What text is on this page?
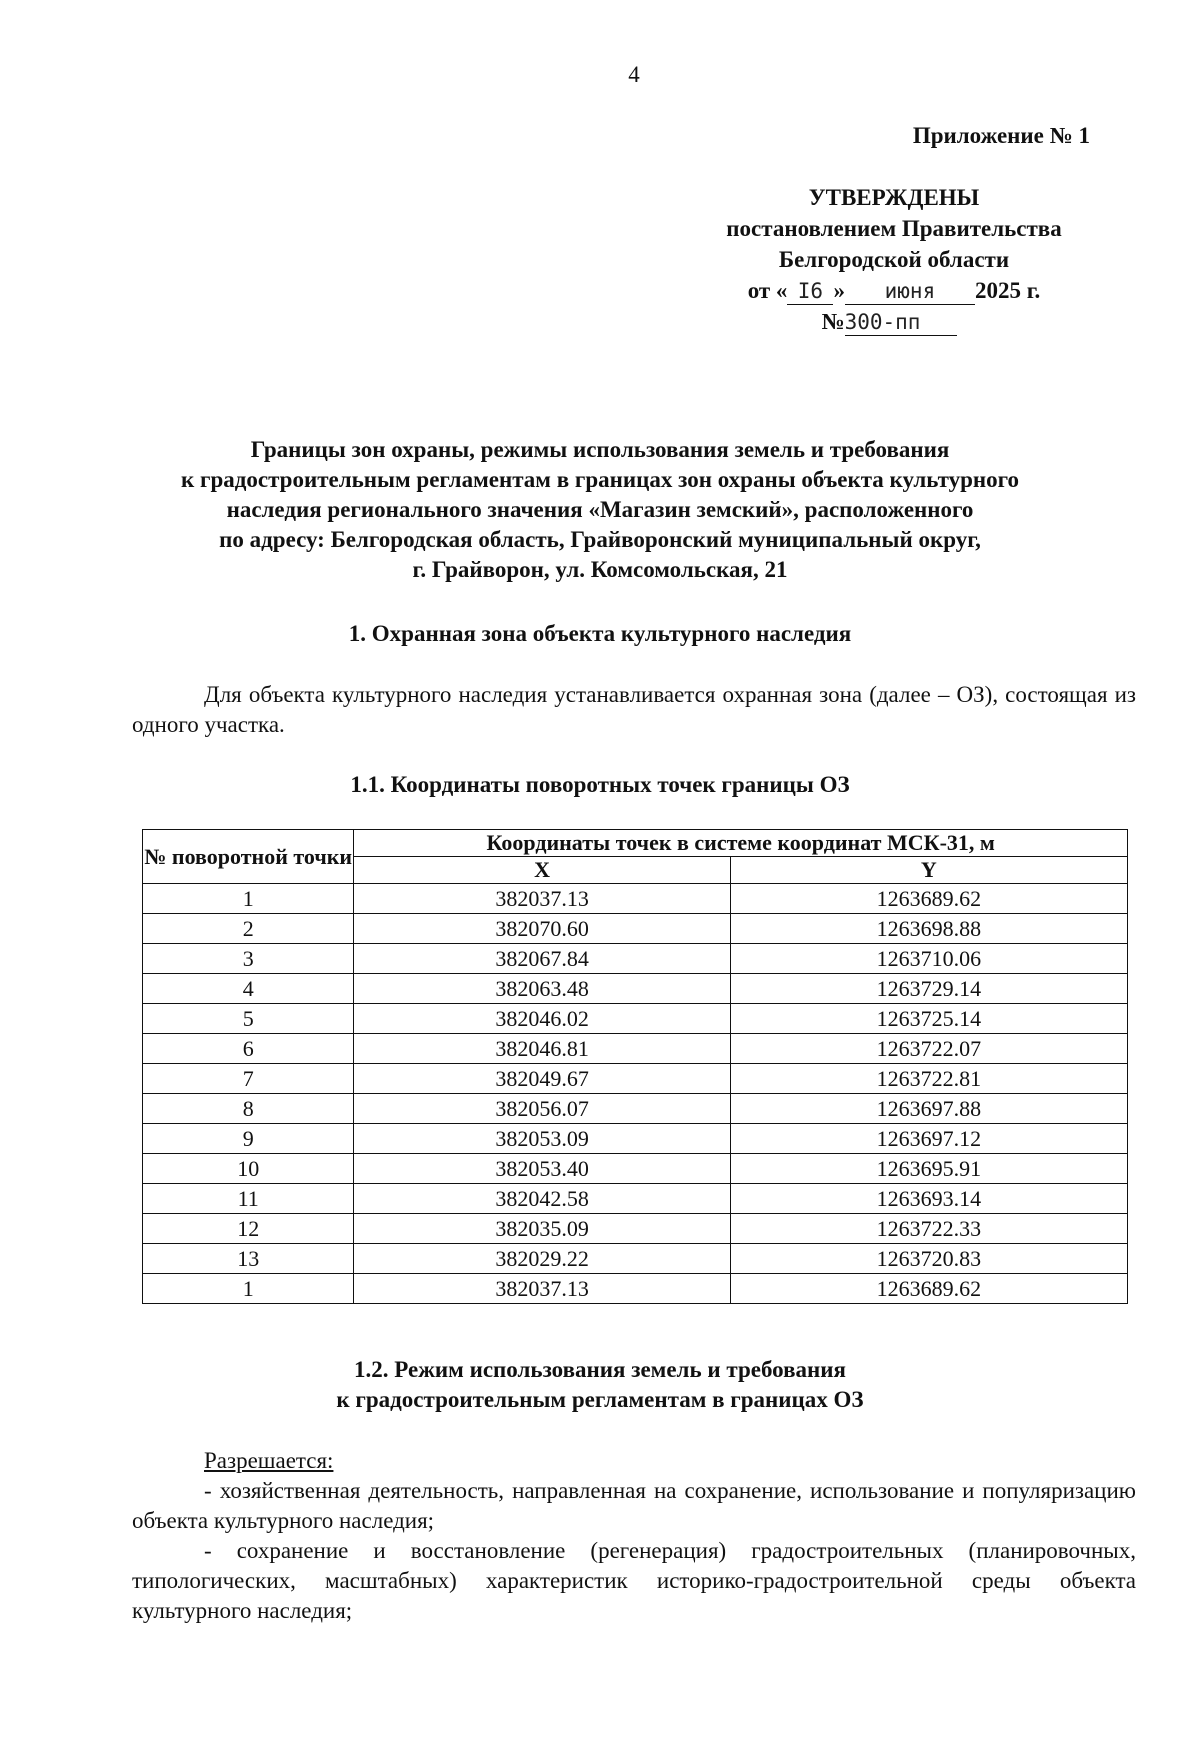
4
Приложение № 1
УТВЕРЖДЕНЫ
постановлением Правительства
Белгородской области
от « I6 » июня 2025 г.
№300-пп
Границы зон охраны, режимы использования земель и требования
к градостроительным регламентам в границах зон охраны объекта культурного
наследия регионального значения «Магазин земский», расположенного
по адресу: Белгородская область, Грайворонский муниципальный округ,
г. Грайворон, ул. Комсомольская, 21
1. Охранная зона объекта культурного наследия
Для объекта культурного наследия устанавливается охранная зона (далее – ОЗ), состоящая из одного участка.
1.1. Координаты поворотных точек границы ОЗ
№ поворотной точки	Координаты точек в системе координат МСК-31, м	
	X	Y
1	382037.13	1263689.62
2	382070.60	1263698.88
3	382067.84	1263710.06
4	382063.48	1263729.14
5	382046.02	1263725.14
6	382046.81	1263722.07
7	382049.67	1263722.81
8	382056.07	1263697.88
9	382053.09	1263697.12
10	382053.40	1263695.91
11	382042.58	1263693.14
12	382035.09	1263722.33
13	382029.22	1263720.83
1	382037.13	1263689.62
1.2. Режим использования земель и требования
к градостроительным регламентам в границах ОЗ
Разрешается:
- хозяйственная деятельность, направленная на сохранение, использование и популяризацию объекта культурного наследия;
- сохранение и восстановление (регенерация) градостроительных (планировочных, типологических, масштабных) характеристик историко-градостроительной среды объекта культурного наследия;
